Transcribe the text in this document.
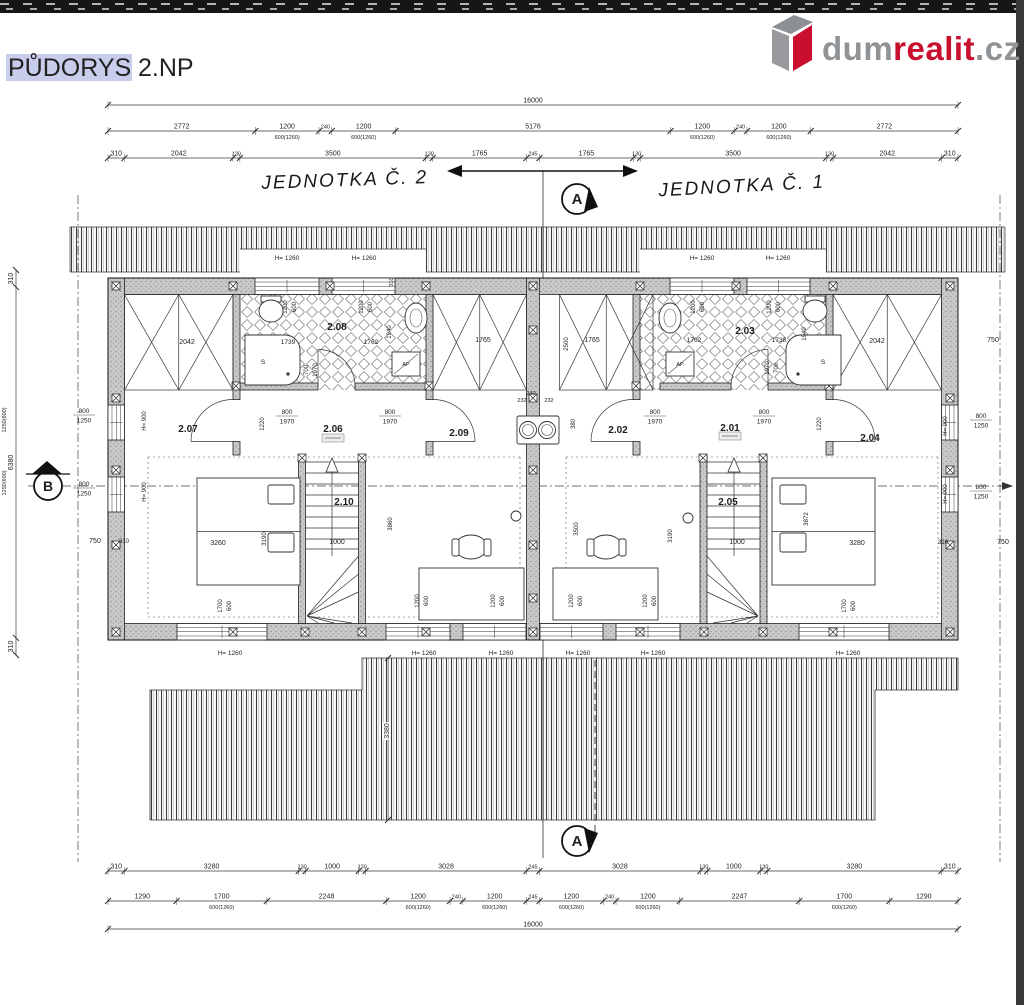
PŮDORYS 2.NP
dumrealit.cz
AP	AP
S	S
JEDNOTKA Č. 2	JEDNOTKA Č. 1
A
A
B
16000
2772	1200
600(1260)
240	1200
600(1260)
5176	1200
600(1260)
240	1200
600(1260)
2772
310	2042	130	3500	130	1765	245	1765	130	3500	130	2042	310
310	3280	130	1000	130	3028	245	3028	130	1000	130	3280	310
1290	1700
600(1260)
2248	1200
600(1260)
240	1200
600(1260)
245	1200
600(1260)
240	1200
600(1260)
2247	1700
600(1260)
1290
16000
310
6380
310
H= 1260	H= 1260	H= 1260	H= 1260
H= 1260	H= 1260	H= 1260	H= 1260	H= 1260	H= 1260
H= 900
H= 900
H= 900
H= 900
1250(600)
1250(600)
2042	2042
1739	1762	1762	1738
1765	1765
1940	1940
2500
700 1970	1970 700
1220	1220
240
232	232
380
3260	3280
1000	1000
750	310	310	750
750
3190	3190
3860	3500
3872
1700 600	1700 600
1200 600	1200 600	1200 600	1200 600
1200 600	1200 600	1200 600	1200 600
3380
310
800
1970
800
1970
800
1970
800
1970
800
1250
800
1250
800
1250
800
1250
2.07
2.08
2.06	2.09
2.10
2.01
2.02
2.03
2.04
2.05
